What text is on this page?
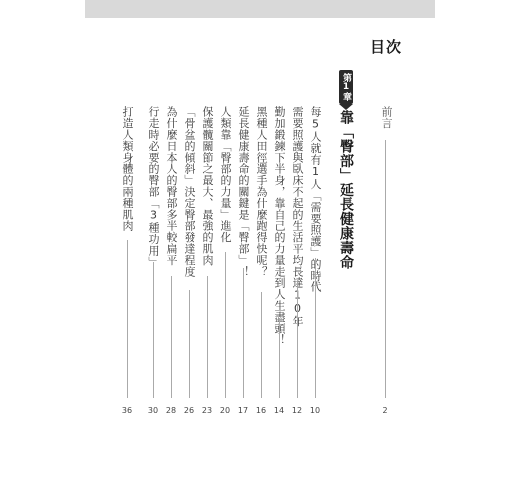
目次
前言
2
第1章
靠「臀部」延長健康壽命
每5人就有1人「需要照護」的時代
10
需要照護與臥床不起的生活平均長達10年
12
勤加鍛鍊下半身，靠自己的力量走到人生盡頭！
14
黑種人田徑選手為什麼跑得快呢？
16
延長健康壽命的關鍵是「臀部」！
17
人類靠「臀部的力量」進化
20
保護髖關節之最大、最強的肌肉
23
「骨盆的傾斜」決定臀部發達程度
26
為什麼日本人的臀部多半較扁平
28
行走時必要的臀部「3種功用」
30
打造人類身體的兩種肌肉
36
